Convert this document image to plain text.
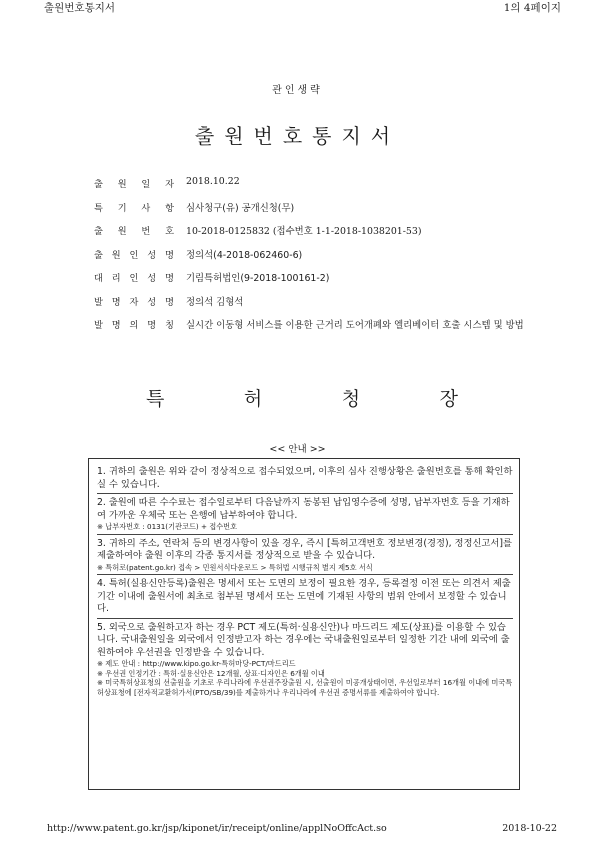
출원번호통지서	1의 4페이지
관인생략
출원번호통지서
출 원 일 자	2018.10.22

특 기 사 항	심사청구(유) 공개신청(무)

출 원 번 호	10-2018-0125832 (접수번호 1-1-2018-1038201-53)

출 원 인 성 명	정의석(4-2018-062460-6)

대 리 인 성 명	기림특허법인(9-2018-100161-2)

발 명 자 성 명	정의석 김형석

발 명 의 명 칭	실시간 이동형 서비스를 이용한 근거리 도어개폐와 엘리베이터 호출 시스템 및 방법
특	허	청	장
<< 안내 >>
1. 귀하의 출원은 위와 같이 정상적으로 접수되었으며, 이후의 심사 진행상황은 출원번호를 통해 확인하실 수 있습니다.
2. 출원에 따른 수수료는 접수일로부터 다음날까지 동봉된 납입영수증에 성명, 납부자번호 등을 기재하여 가까운 우체국 또는 은행에 납부하여야 합니다.
※ 납부자번호 : 0131(기관코드) + 접수번호
3. 귀하의 주소, 연락처 등의 변경사항이 있을 경우, 즉시 [특허고객번호 정보변경(경정), 정정신고서]를 제출하여야 출원 이후의 각종 통지서를 정상적으로 받을 수 있습니다.
※ 특허로(patent.go.kr) 접속 > 민원서식다운로드 > 특허법 시행규칙 별지 제5호 서식
4. 특허(실용신안등록)출원은 명세서 또는 도면의 보정이 필요한 경우, 등록결정 이전 또는 의견서 제출기간 이내에 출원서에 최초로 첨부된 명세서 또는 도면에 기재된 사항의 범위 안에서 보정할 수 있습니다.
5. 외국으로 출원하고자 하는 경우 PCT 제도(특허·실용신안)나 마드리드 제도(상표)를 이용할 수 있습니다. 국내출원일을 외국에서 인정받고자 하는 경우에는 국내출원일로부터 일정한 기간 내에 외국에 출원하여야 우선권을 인정받을 수 있습니다.
※ 제도 안내 : http://www.kipo.go.kr-특허마당-PCT/마드리드
※ 우선권 인정기간 : 특허·실용신안은 12개월, 상표·디자인은 6개월 이내
※ 미국특허상표청의 선출원을 기초로 우리나라에 우선권주장출원 시, 선출원이 미공개상태이면, 우선일로부터 16개월 이내에 미국특허상표청에 [전자적교환허가서(PTO/SB/39)를 제출하거나 우리나라에 우선권 증명서류를 제출하여야 합니다.
http://www.patent.go.kr/jsp/kiponet/ir/receipt/online/applNoOffcAct.so	2018-10-22
